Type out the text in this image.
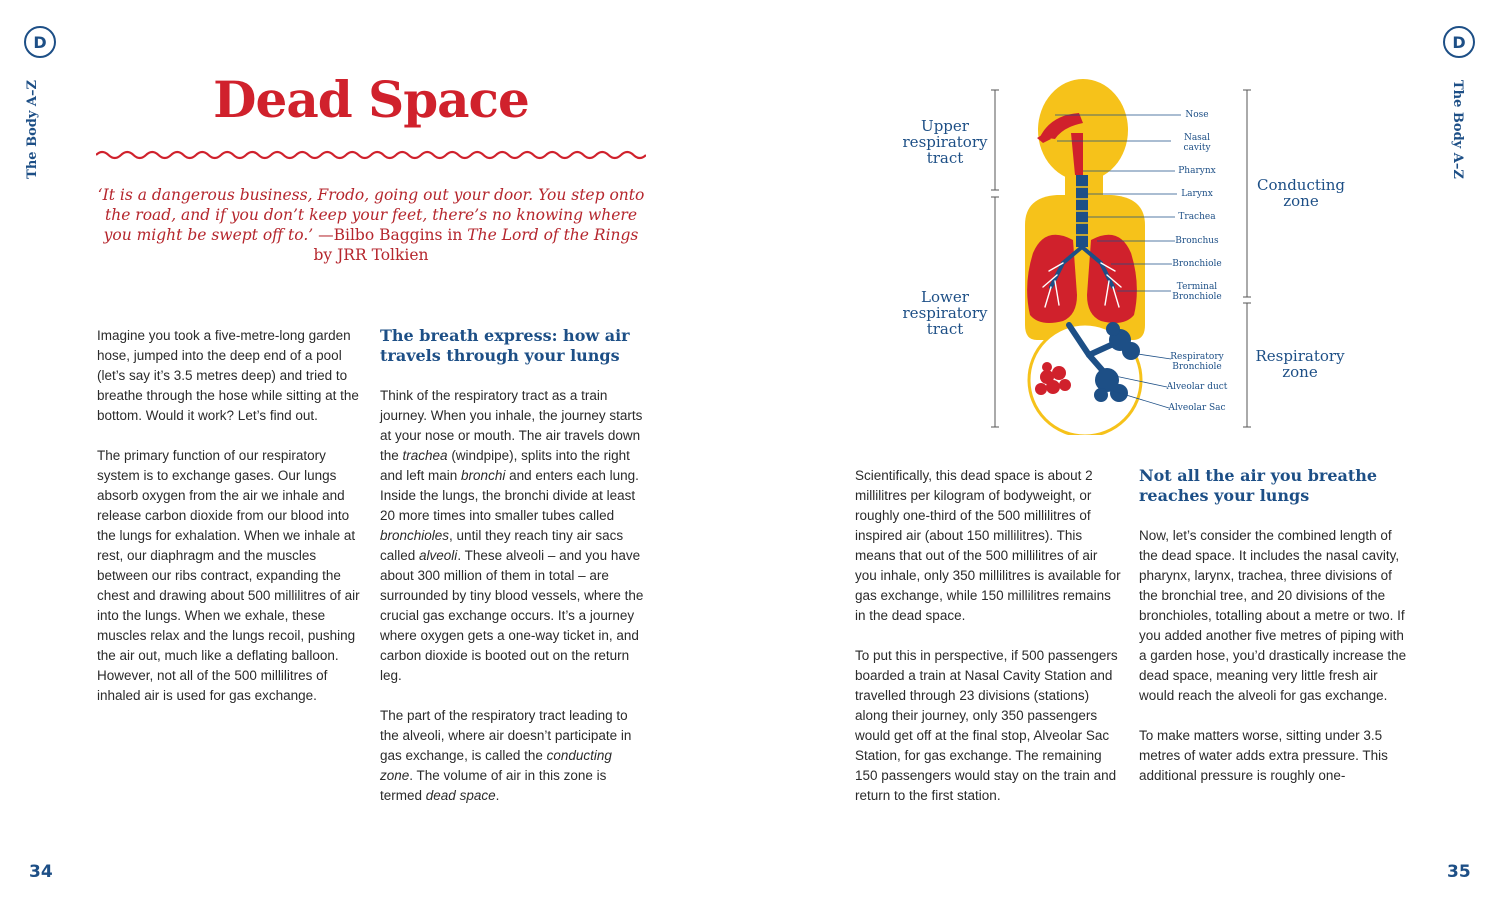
D
The Body A–Z
34
D
The Body A–Z
35
Dead Space
‘It is a dangerous business, Frodo, going out your door. You step onto the road, and if you don’t keep your feet, there’s no knowing where you might be swept off to.’ —Bilbo Baggins in The Lord of the Rings by JRR Tolkien

Imagine you took a five-metre-long garden hose, jumped into the deep end of a pool (let’s say it’s 3.5 metres deep) and tried to breathe through the hose while sitting at the bottom. Would it work? Let’s find out.

The primary function of our respiratory system is to exchange gases. Our lungs absorb oxygen from the air we inhale and release carbon dioxide from our blood into the lungs for exhalation. When we inhale at rest, our diaphragm and the muscles between our ribs contract, expanding the chest and drawing about 500 millilitres of air into the lungs. When we exhale, these muscles relax and the lungs recoil, pushing the air out, much like a deflating balloon. However, not all of the 500 millilitres of inhaled air is used for gas exchange.

The breath express: how air travels through your lungs

Think of the respiratory tract as a train journey. When you inhale, the journey starts at your nose or mouth. The air travels down the trachea (windpipe), splits into the right and left main bronchi and enters each lung. Inside the lungs, the bronchi divide at least 20 more times into smaller tubes called bronchioles, until they reach tiny air sacs called alveoli. These alveoli – and you have about 300 million of them in total – are surrounded by tiny blood vessels, where the crucial gas exchange occurs. It’s a journey where oxygen gets a one-way ticket in, and carbon dioxide is booted out on the return leg.

The part of the respiratory tract leading to the alveoli, where air doesn’t participate in gas exchange, is called the conducting zone. The volume of air in this zone is termed dead space.

Upper respiratory tract
Lower respiratory tract
Conducting zone
Respiratory zone
Nose
Nasal cavity
Pharynx
Larynx
Trachea
Bronchus
Bronchiole
Terminal Bronchiole
Respiratory Bronchiole
Alveolar duct
Alveolar Sac

Scientifically, this dead space is about 2 millilitres per kilogram of bodyweight, or roughly one-third of the 500 millilitres of inspired air (about 150 millilitres). This means that out of the 500 millilitres of air you inhale, only 350 millilitres is available for gas exchange, while 150 millilitres remains in the dead space.

To put this in perspective, if 500 passengers boarded a train at Nasal Cavity Station and travelled through 23 divisions (stations) along their journey, only 350 passengers would get off at the final stop, Alveolar Sac Station, for gas exchange. The remaining 150 passengers would stay on the train and return to the first station.

Not all the air you breathe reaches your lungs

Now, let’s consider the combined length of the dead space. It includes the nasal cavity, pharynx, larynx, trachea, three divisions of the bronchial tree, and 20 divisions of the bronchioles, totalling about a metre or two. If you added another five metres of piping with a garden hose, you’d drastically increase the dead space, meaning very little fresh air would reach the alveoli for gas exchange.

To make matters worse, sitting under 3.5 metres of water adds extra pressure. This additional pressure is roughly one-
